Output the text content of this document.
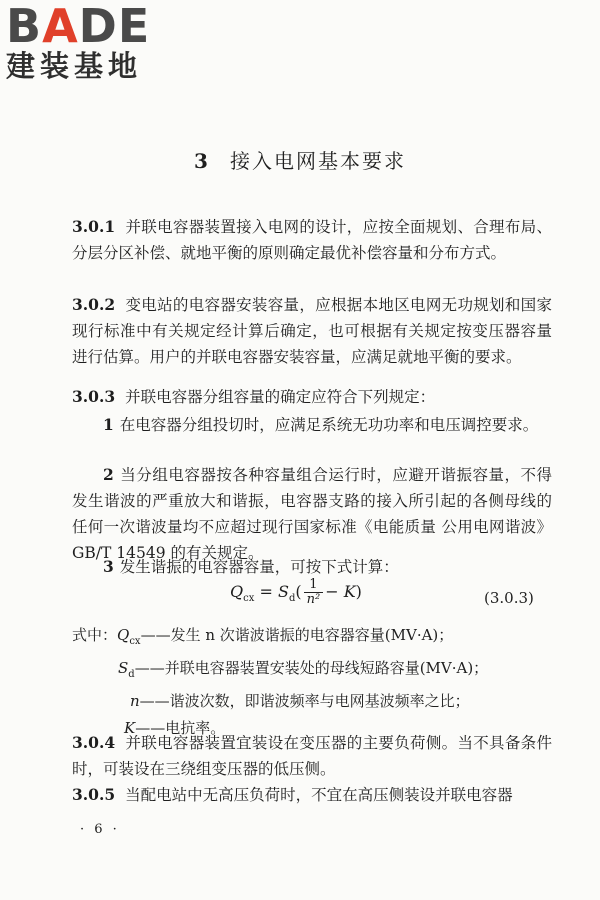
BADE
建装基地
3 接入电网基本要求
3.0.1 并联电容器装置接入电网的设计，应按全面规划、合理布局、分层分区补偿、就地平衡的原则确定最优补偿容量和分布方式。
3.0.2 变电站的电容器安装容量，应根据本地区电网无功规划和国家现行标准中有关规定经计算后确定，也可根据有关规定按变压器容量进行估算。用户的并联电容器安装容量，应满足就地平衡的要求。
3.0.3 并联电容器分组容量的确定应符合下列规定：
1 在电容器分组投切时，应满足系统无功功率和电压调控要求。
2 当分组电容器按各种容量组合运行时，应避开谐振容量，不得发生谐波的严重放大和谐振，电容器支路的接入所引起的各侧母线的任何一次谐波量均不应超过现行国家标准《电能质量 公用电网谐波》GB/T 14549 的有关规定。
3 发生谐振的电容器容量，可按下式计算：
$Q_{cx} = S_d( \frac{1}{\text{n²}} - K)$	(3.0.3)
式中：$Q_{cx}——$发生 n 次谐波谐振的电容器容量(MV·A)；
$S_d——$并联电容器装置安装处的母线短路容量(MV·A)；
n——谐波次数，即谐波频率与电网基波频率之比；
K——电抗率。
3.0.4 并联电容器装置宜装设在变压器的主要负荷侧。当不具备条件时，可装设在三绕组变压器的低压侧。
3.0.5 当配电站中无高压负荷时，不宜在高压侧装设并联电容器
· 6 ·
